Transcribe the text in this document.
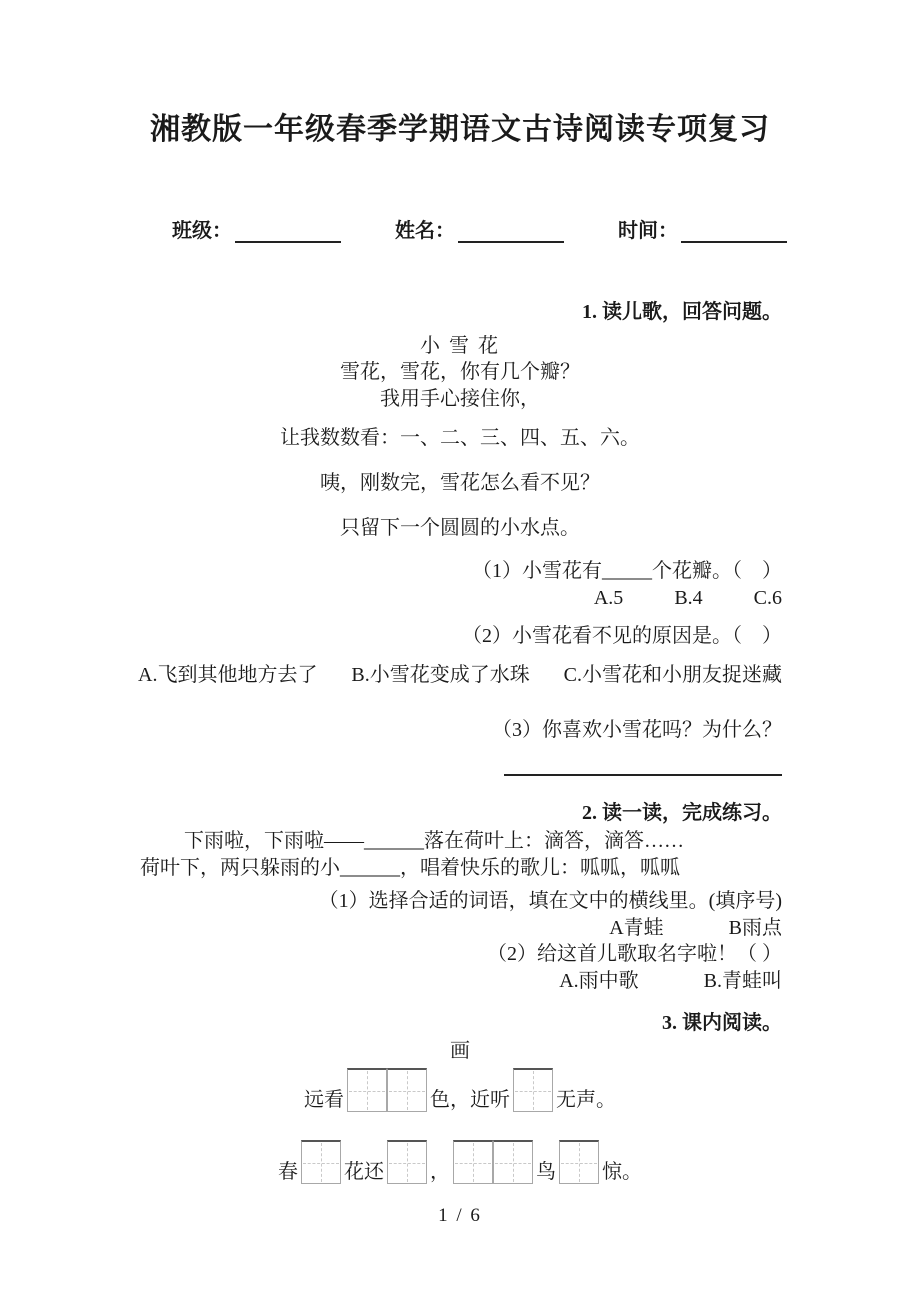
湘教版一年级春季学期语文古诗阅读专项复习
班级：	姓名：	时间：
1. 读儿歌，回答问题。
小 雪 花
雪花，雪花，你有几个瓣？
我用手心接住你，
让我数数看：一、二、三、四、五、六。
咦，刚数完，雪花怎么看不见？
只留下一个圆圆的小水点。
（1）小雪花有_____个花瓣。（　）
A.5	B.4	C.6
（2）小雪花看不见的原因是。（　）
A.飞到其他地方去了 B.小雪花变成了水珠 C.小雪花和小朋友捉迷藏
（3）你喜欢小雪花吗？为什么？
2. 读一读，完成练习。
下雨啦，下雨啦——______落在荷叶上：滴答，滴答……
荷叶下，两只躲雨的小______，唱着快乐的歌儿：呱呱，呱呱
（1）选择合适的词语，填在文中的横线里。(填序号)
A青蛙	B雨点
（2）给这首儿歌取名字啦！（ ）
A.雨中歌	B.青蛙叫
3. 课内阅读。
画
远看	色，近听 无声。
春 花还 ，	鸟 惊。
1 / 6
